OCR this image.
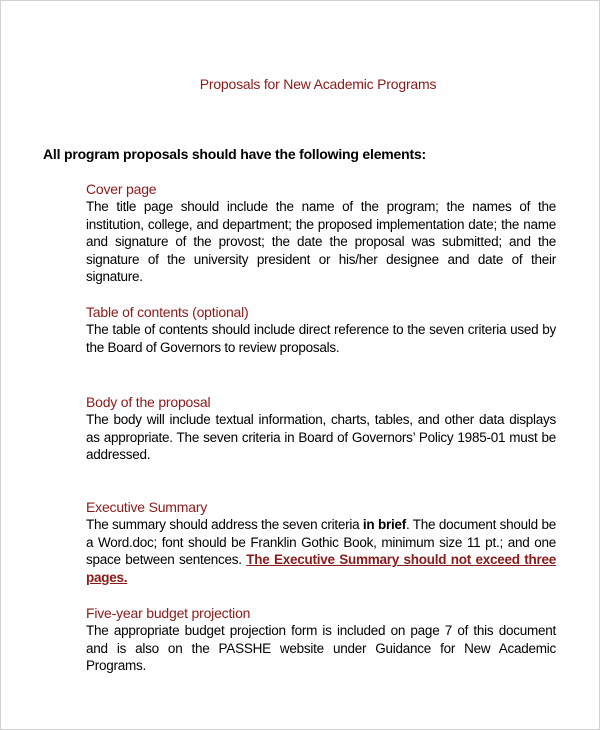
Proposals for New Academic Programs
All program proposals should have the following elements:
Cover page
The title page should include the name of the program; the names of the institution, college, and department; the proposed implementation date; the name and signature of the provost; the date the proposal was submitted; and the signature of the university president or his/her designee and date of their signature.
Table of contents (optional)
The table of contents should include direct reference to the seven criteria used by the Board of Governors to review proposals.
Body of the proposal
The body will include textual information, charts, tables, and other data displays as appropriate. The seven criteria in Board of Governors’ Policy 1985-01 must be addressed.
Executive Summary
The summary should address the seven criteria in brief. The document should be a Word.doc; font should be Franklin Gothic Book, minimum size 11 pt.; and one space between sentences. The Executive Summary should not exceed three pages.
Five-year budget projection
The appropriate budget projection form is included on page 7 of this document and is also on the PASSHE website under Guidance for New Academic Programs.
